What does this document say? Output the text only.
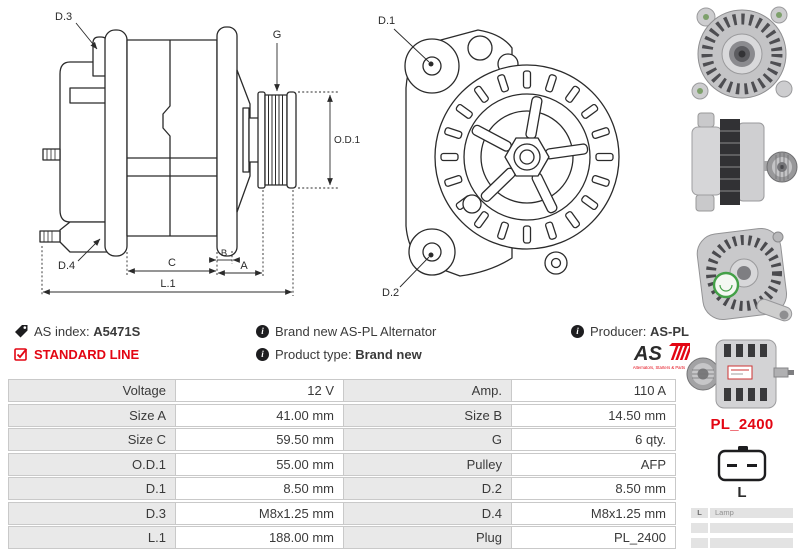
D.3
G
O.D.1
D.4	C
B
A
L.1
D.1
D.2
AS index: A5471S
STANDARD LINE
i Brand new AS-PL Alternator
i Product type: Brand new
i Producer: AS-PL
AS
Alternators, Starters & Parts
Voltage	12 V	Amp.	110 A
Size A	41.00 mm	Size B	14.50 mm
Size C	59.50 mm	G	6 qty.
O.D.1	55.00 mm	Pulley	AFP
D.1	8.50 mm	D.2	8.50 mm
D.3	M8x1.25 mm	D.4	M8x1.25 mm
L.1	188.00 mm	Plug	PL_2400
PL_2400
L
L	Lamp
